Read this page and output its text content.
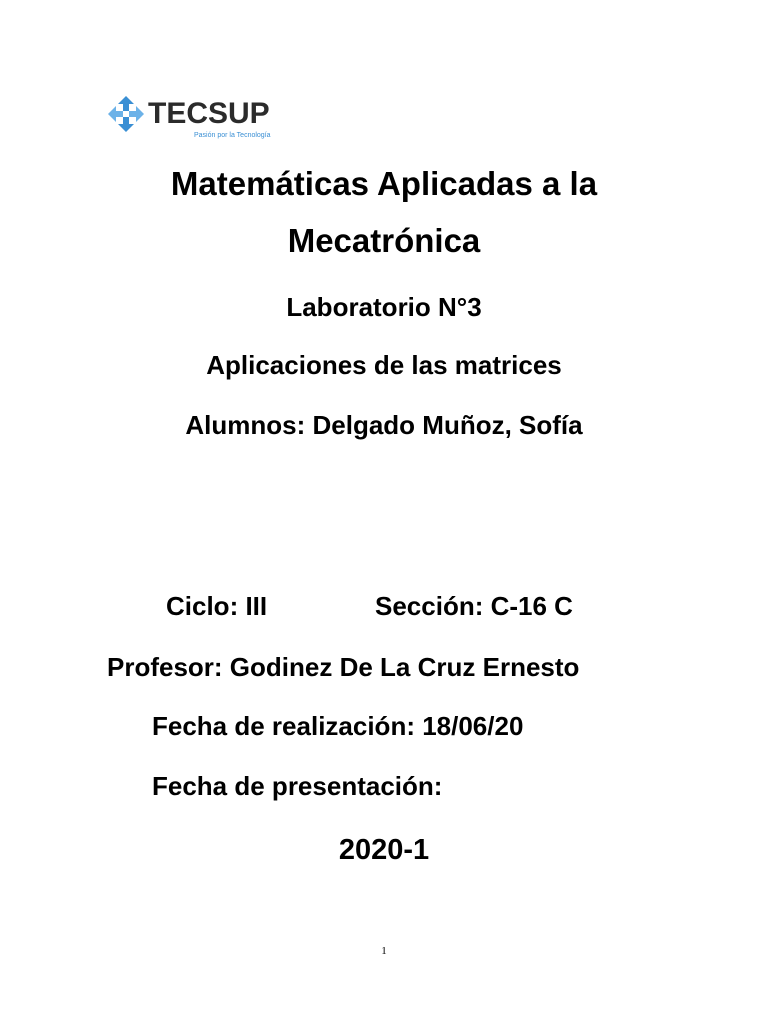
TECSUP
Pasión por la Tecnología
Matemáticas Aplicadas a la
Mecatrónica
Laboratorio N°3
Aplicaciones de las matrices
Alumnos: Delgado Muñoz, Sofía
Ciclo: III	Sección: C-16 C
Profesor: Godinez De La Cruz Ernesto
Fecha de realización: 18/06/20
Fecha de presentación:
2020-1
1
